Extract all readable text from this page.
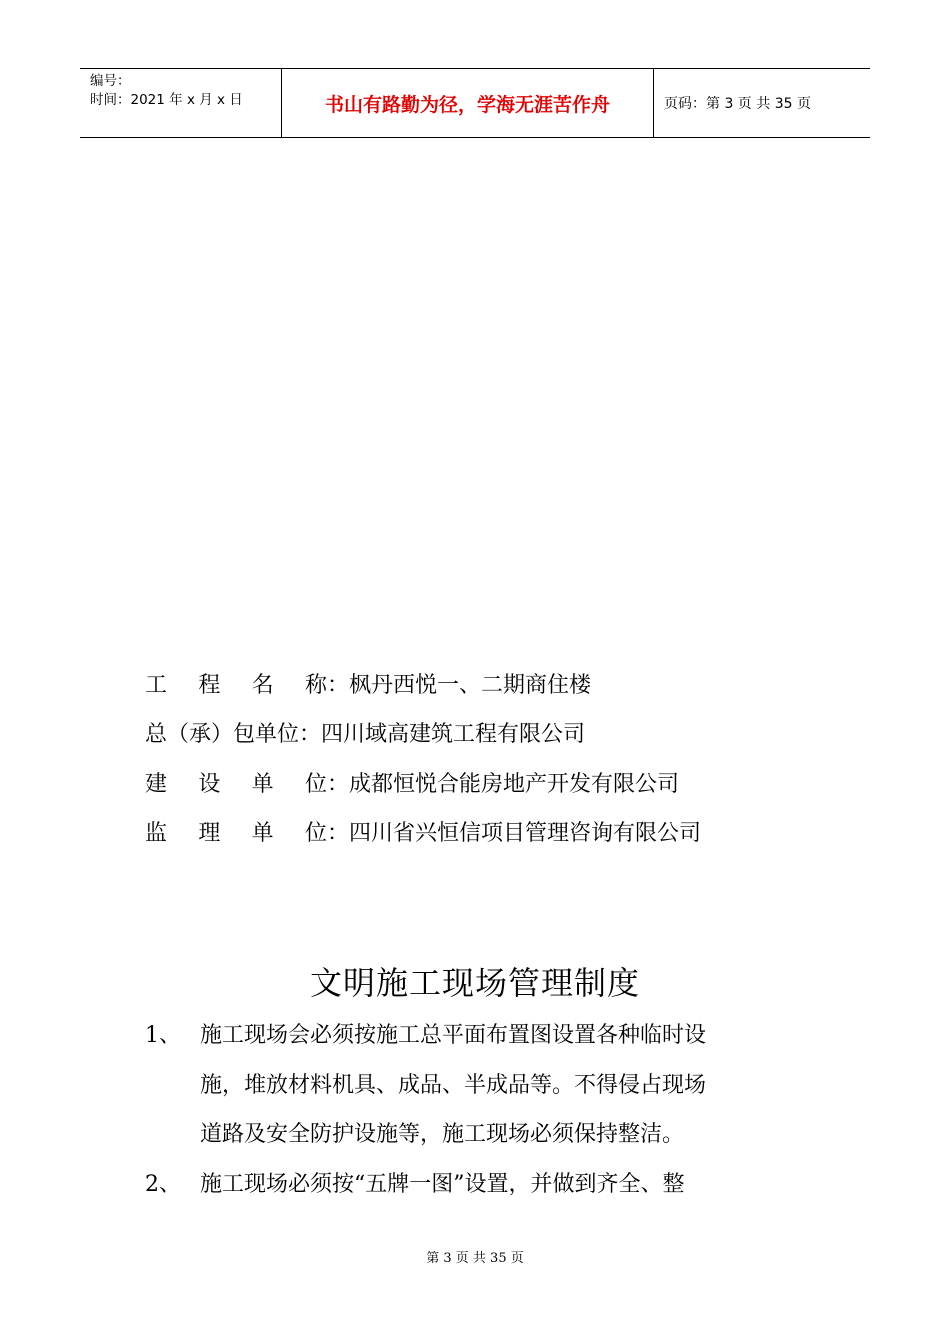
编号：
时间：2021 年 x 月 x 日	书山有路勤为径，学海无涯苦作舟	页码：第 3 页 共 35 页
工 程 名 称 ：枫丹西悦一、二期商住楼
总（承）包单位 ：四川域高建筑工程有限公司
建 设 单 位 ：成都恒悦合能房地产开发有限公司
监 理 单 位 ：四川省兴恒信项目管理咨询有限公司
文明施工现场管理制度
1、 施工现场会必须按施工总平面布置图设置各种临时设
施，堆放材料机具、成品、半成品等。不得侵占现场
道路及安全防护设施等，施工现场必须保持整洁。
2、 施工现场必须按“五牌一图”设置，并做到齐全、整
第 3 页 共 35 页
